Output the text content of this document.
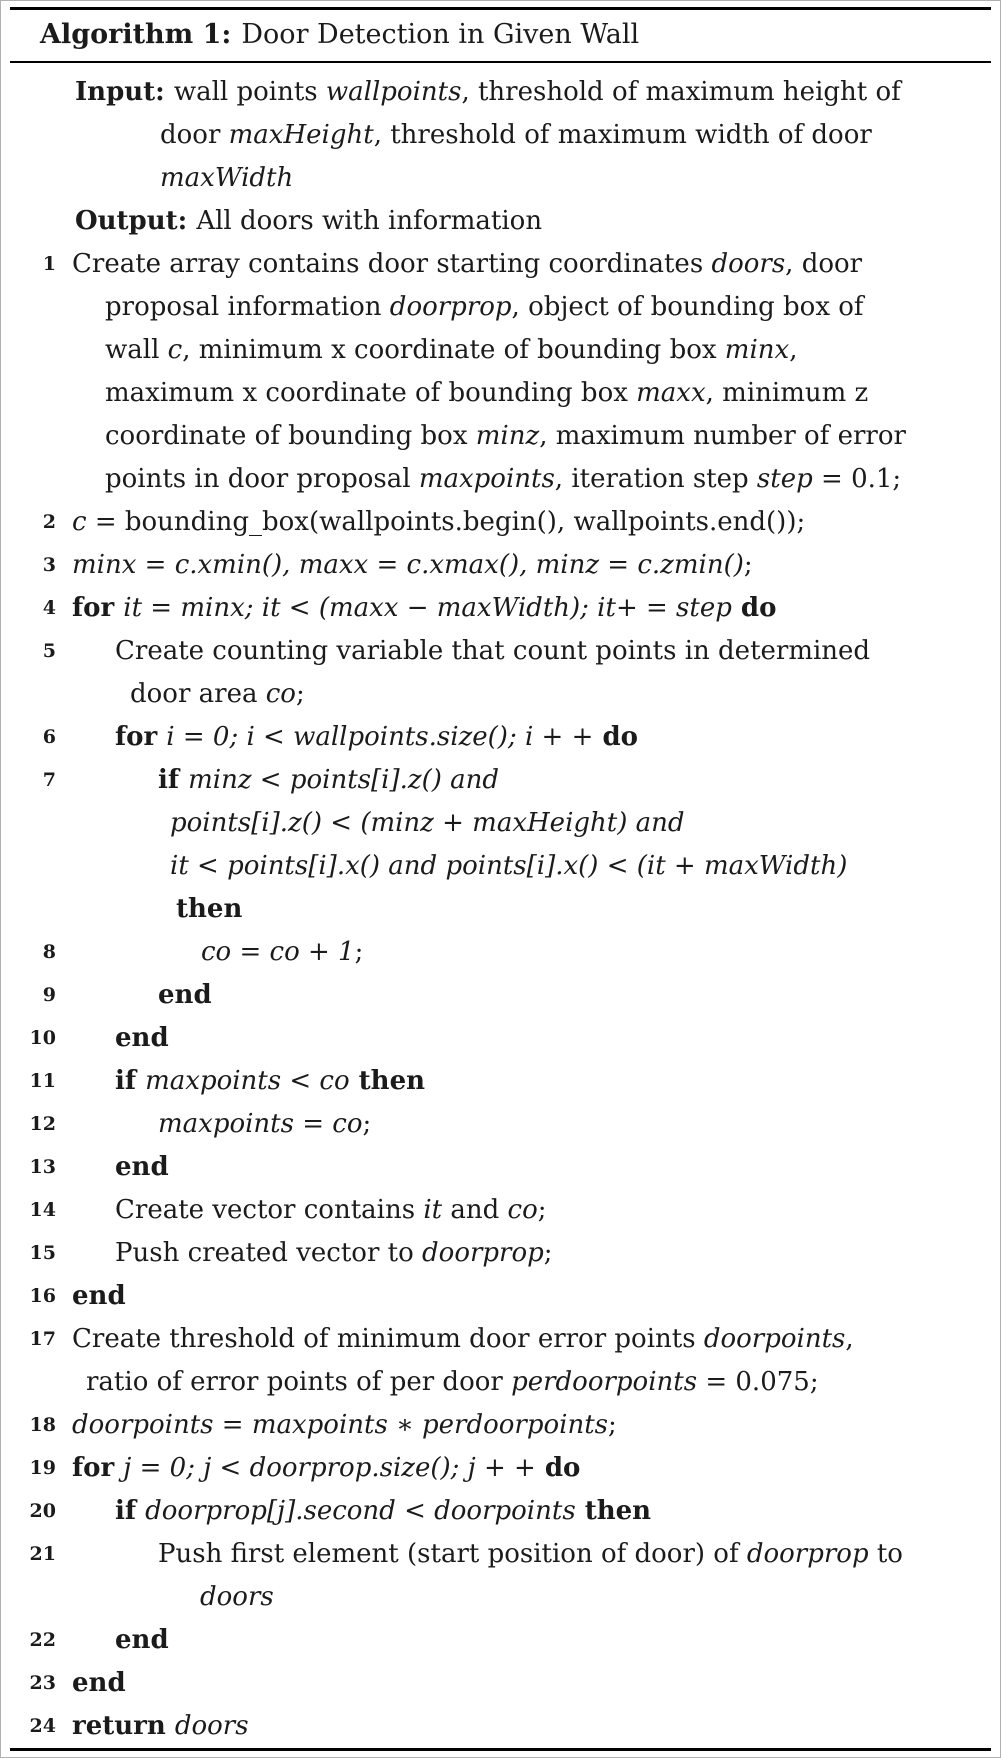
Algorithm 1: Door Detection in Given Wall
Input: wall points wallpoints, threshold of maximum height of
door maxHeight, threshold of maximum width of door
maxWidth
Output: All doors with information
1 Create array contains door starting coordinates doors, door
proposal information doorprop, object of bounding box of
wall c, minimum x coordinate of bounding box minx,
maximum x coordinate of bounding box maxx, minimum z
coordinate of bounding box minz, maximum number of error
points in door proposal maxpoints, iteration step step = 0.1;
2 c = bounding_box(wallpoints.begin(), wallpoints.end());
3 minx = c.xmin(), maxx = c.xmax(), minz = c.zmin();
4 for it = minx; it < (maxx − maxWidth); it+ = step do
5	Create counting variable that count points in determined
door area co;
6	for i = 0; i < wallpoints.size(); i + + do
7	if minz < points[i].z() and
points[i].z() < (minz + maxHeight) and
it < points[i].x() and points[i].x() < (it + maxWidth)
then
8	co = co + 1;
9	end
10	end
11	if maxpoints < co then
12	maxpoints = co;
13	end
14	Create vector contains it and co;
15	Push created vector to doorprop;
16 end
17 Create threshold of minimum door error points doorpoints,
ratio of error points of per door perdoorpoints = 0.075;
18 doorpoints = maxpoints ∗ perdoorpoints;
19 for j = 0; j < doorprop.size(); j + + do
20	if doorprop[j].second < doorpoints then
21	Push first element (start position of door) of doorprop to
doors
22	end
23 end
24 return doors
